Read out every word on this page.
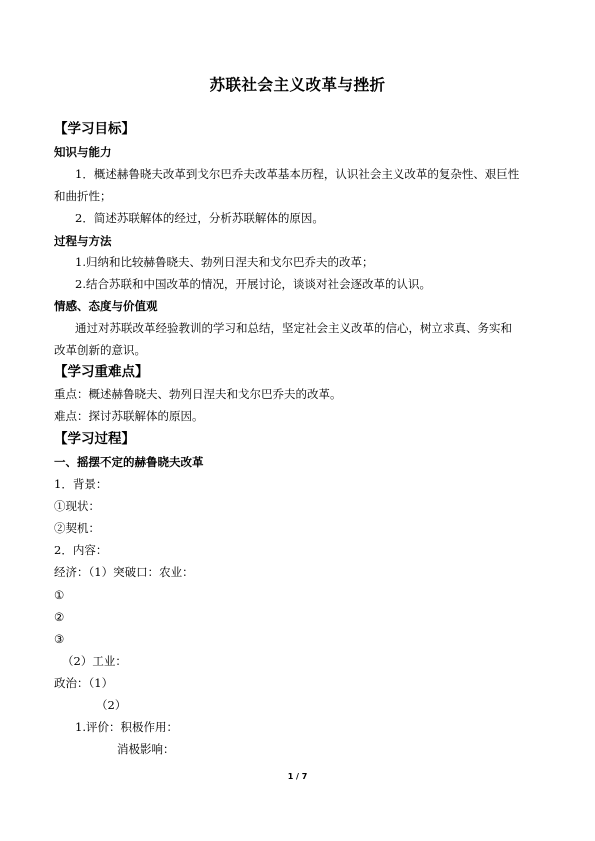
苏联社会主义改革与挫折
【学习目标】
知识与能力
1．概述赫鲁晓夫改革到戈尔巴乔夫改革基本历程，认识社会主义改革的复杂性、艰巨性
和曲折性；
2．简述苏联解体的经过，分析苏联解体的原因。
过程与方法
1.归纳和比较赫鲁晓夫、勃列日涅夫和戈尔巴乔夫的改革；
2.结合苏联和中国改革的情况，开展讨论，谈谈对社会逐改革的认识。
情感、态度与价值观
通过对苏联改革经验教训的学习和总结，坚定社会主义改革的信心，树立求真、务实和
改革创新的意识。
【学习重难点】
重点：概述赫鲁晓夫、勃列日涅夫和戈尔巴乔夫的改革。
难点：探讨苏联解体的原因。
【学习过程】
一、摇摆不定的赫鲁晓夫改革
1．背景：
①现状：
②契机：
2．内容：
经济：（1）突破口：农业：
①
②
③
（2）工业：
政治：（1）
（2）
1.评价：积极作用：
消极影响：
1 / 7
